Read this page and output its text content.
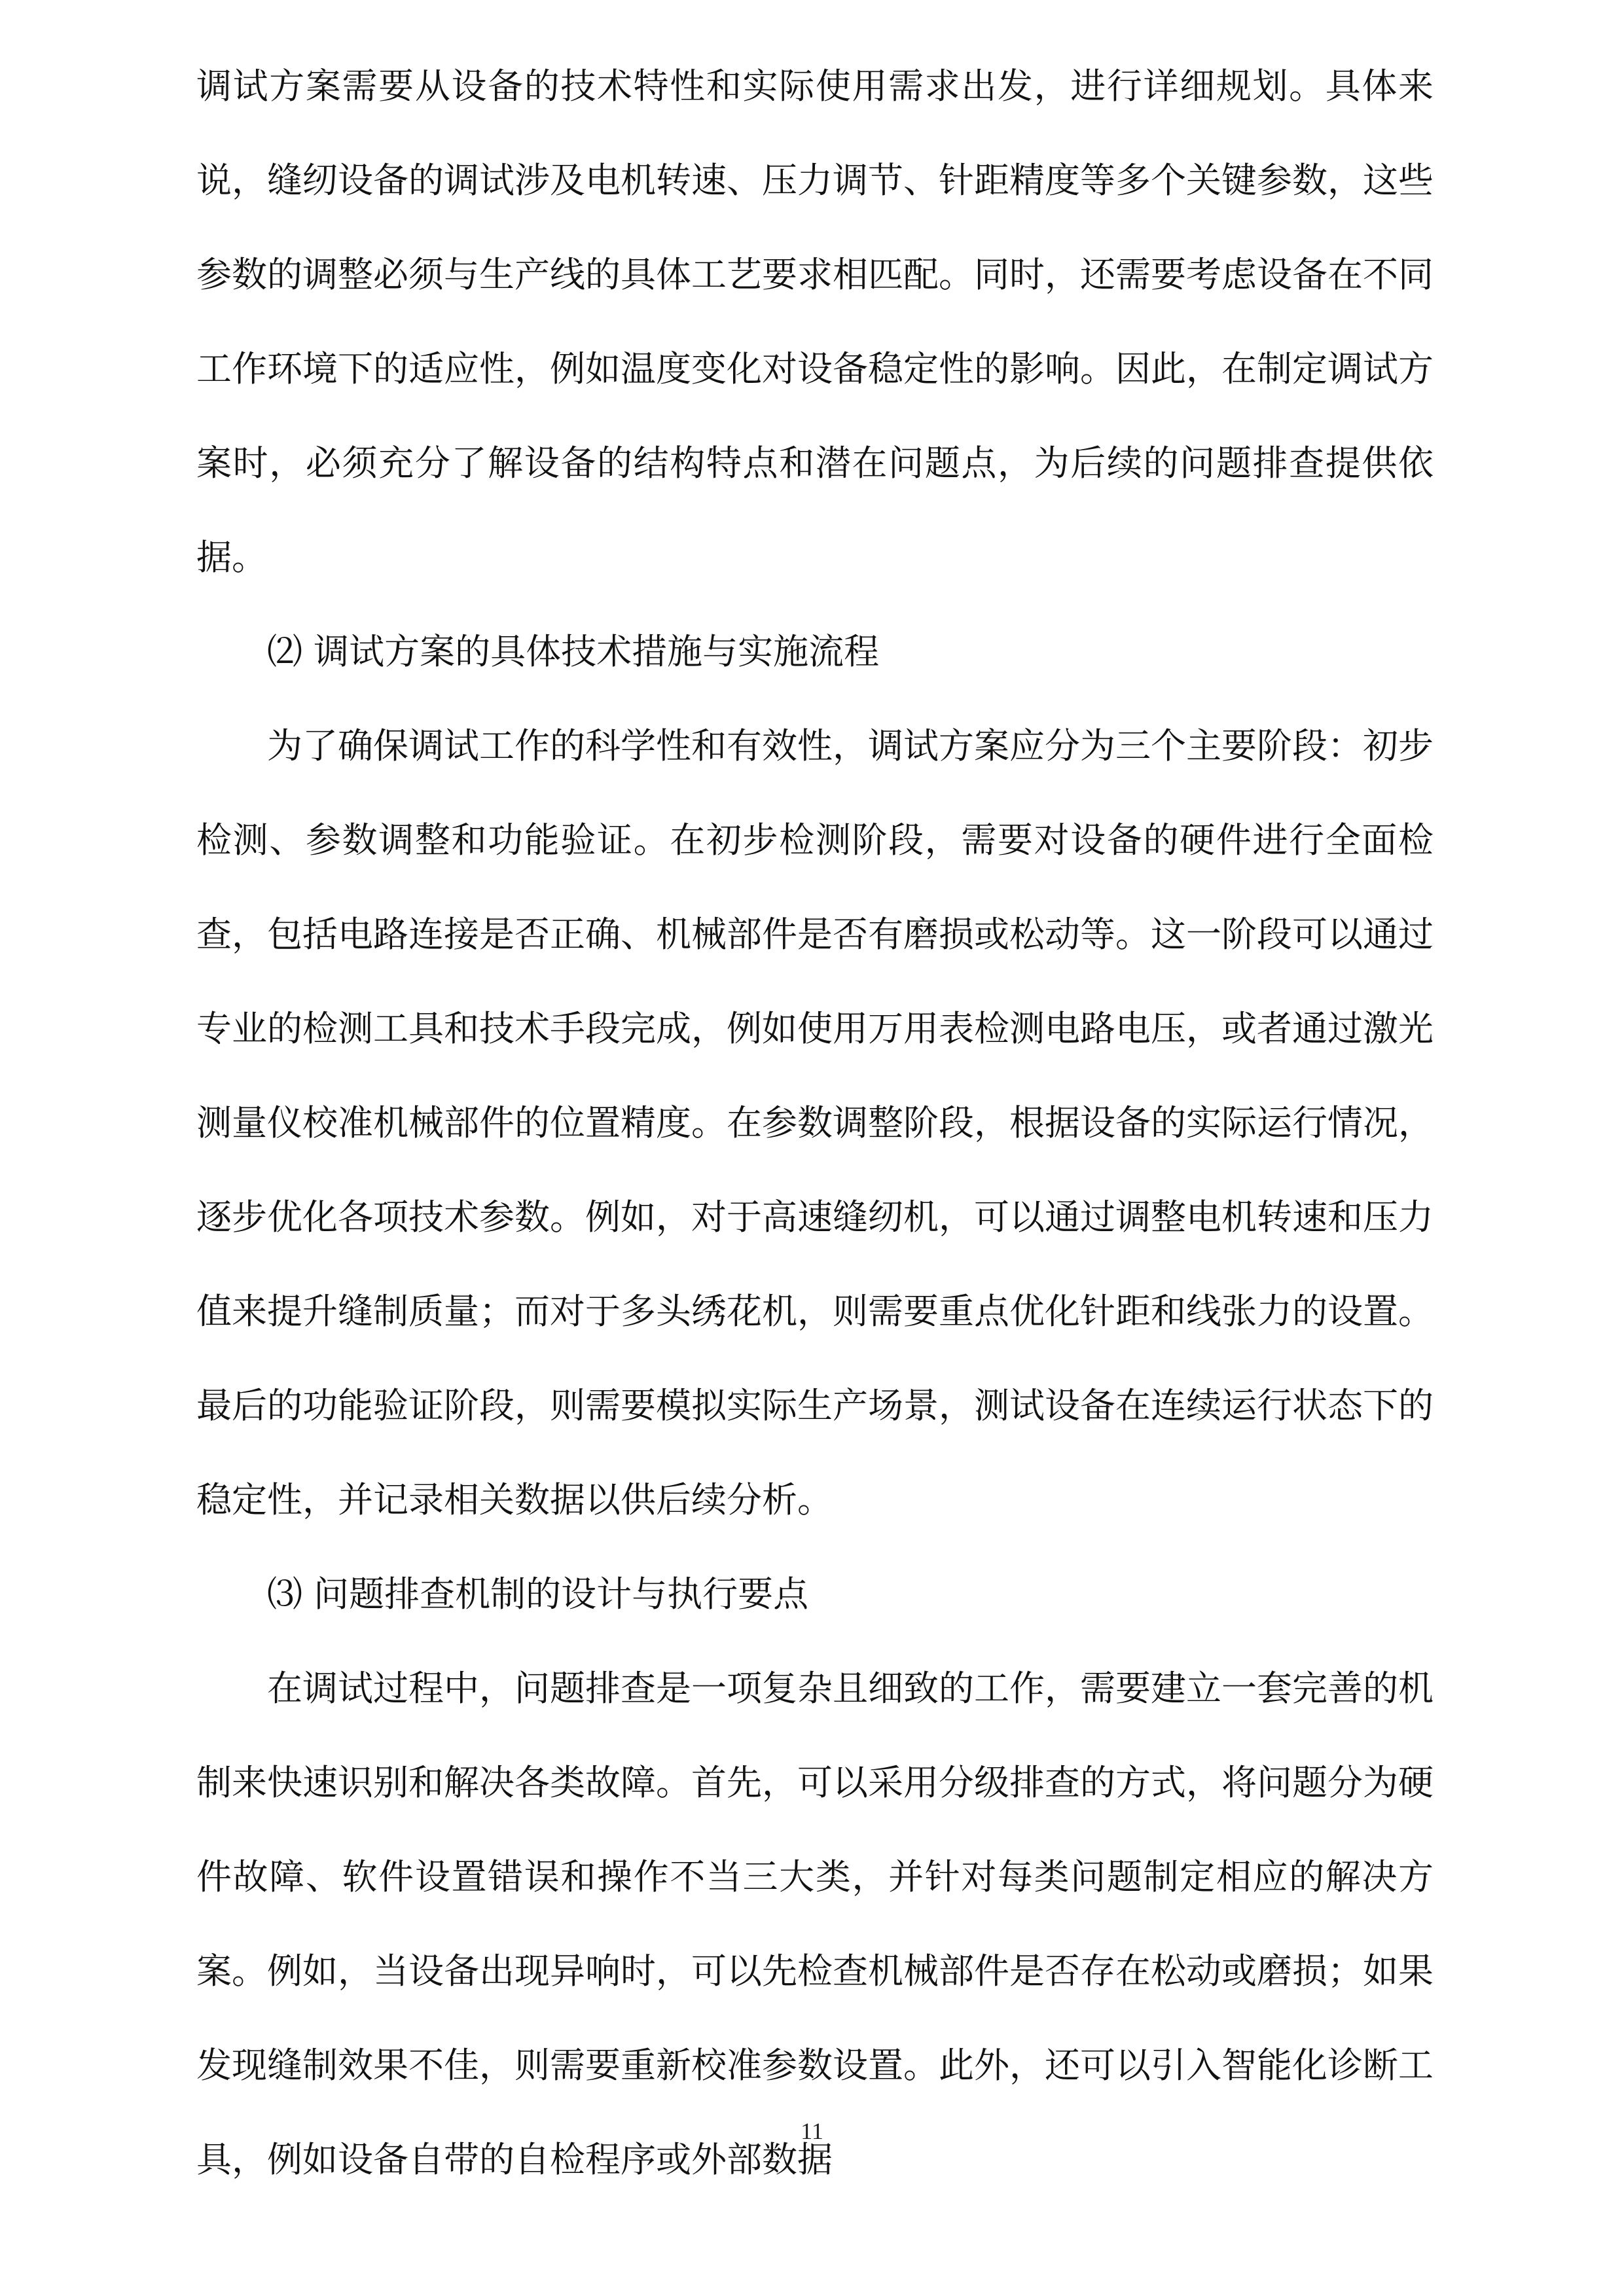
调试方案需要从设备的技术特性和实际使用需求出发，进行详细规划。具体来说，缝纫设备的调试涉及电机转速、压力调节、针距精度等多个关键参数，这些参数的调整必须与生产线的具体工艺要求相匹配。同时，还需要考虑设备在不同工作环境下的适应性，例如温度变化对设备稳定性的影响。因此，在制定调试方案时，必须充分了解设备的结构特点和潜在问题点，为后续的问题排查提供依据。

⑵ 调试方案的具体技术措施与实施流程

为了确保调试工作的科学性和有效性，调试方案应分为三个主要阶段：初步检测、参数调整和功能验证。在初步检测阶段，需要对设备的硬件进行全面检查，包括电路连接是否正确、机械部件是否有磨损或松动等。这一阶段可以通过专业的检测工具和技术手段完成，例如使用万用表检测电路电压，或者通过激光测量仪校准机械部件的位置精度。在参数调整阶段，根据设备的实际运行情况，逐步优化各项技术参数。例如，对于高速缝纫机，可以通过调整电机转速和压力值来提升缝制质量；而对于多头绣花机，则需要重点优化针距和线张力的设置。最后的功能验证阶段，则需要模拟实际生产场景，测试设备在连续运行状态下的稳定性，并记录相关数据以供后续分析。

⑶ 问题排查机制的设计与执行要点

在调试过程中，问题排查是一项复杂且细致的工作，需要建立一套完善的机制来快速识别和解决各类故障。首先，可以采用分级排查的方式，将问题分为硬件故障、软件设置错误和操作不当三大类，并针对每类问题制定相应的解决方案。例如，当设备出现异响时，可以先检查机械部件是否存在松动或磨损；如果发现缝制效果不佳，则需要重新校准参数设置。此外，还可以引入智能化诊断工具，例如设备自带的自检程序或外部数据

11
